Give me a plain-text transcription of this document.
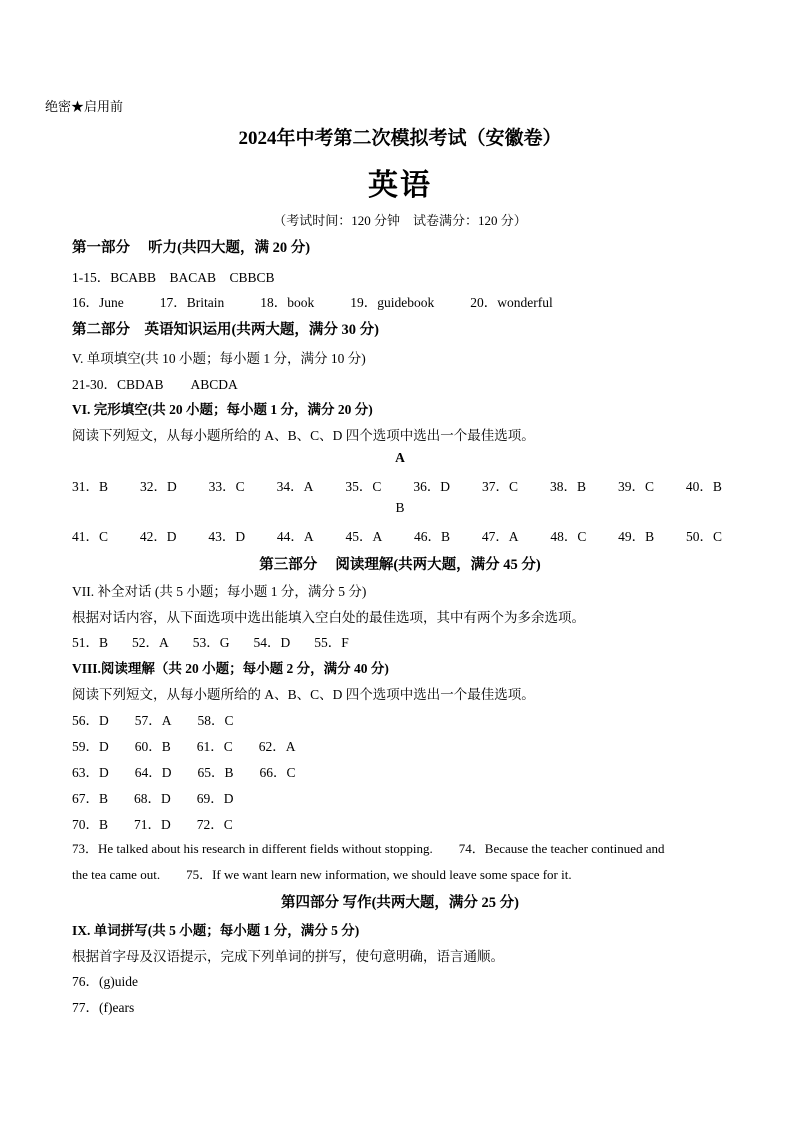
绝密★启用前
2024年中考第二次模拟考试（安徽卷）
英语
（考试时间：120 分钟　试卷满分：120 分）
第一部分　 听力(共四大题，满 20 分)
1-15．BCABB　BACAB　CBBCB
16．June	17．Britain	18．book	19．guidebook	20．wonderful
第二部分　英语知识运用(共两大题，满分 30 分)
V. 单项填空(共 10 小题；每小题 1 分，满分 10 分)
21-30．CBDAB　　ABCDA
VI. 完形填空(共 20 小题；每小题 1 分，满分 20 分)
阅读下列短文，从每小题所给的 A、B、C、D 四个选项中选出一个最佳选项。
A
31．B 32．D 33．C 34．A 35．C 36．D 37．C 38．B 39．C 40．B
B
41．C 42．D 43．D 44．A 45．A 46．B 47．A 48．C 49．B 50．C
第三部分　 阅读理解(共两大题，满分 45 分)
VII. 补全对话 (共 5 小题；每小题 1 分，满分 5 分)
根据对话内容，从下面选项中选出能填入空白处的最佳选项，其中有两个为多余选项。
51．B 52．A 53．G 54．D 55．F
VIII.阅读理解（共 20 小题；每小题 2 分，满分 40 分)
阅读下列短文，从每小题所给的 A、B、C、D 四个选项中选出一个最佳选项。
56．D 57．A 58．C
59．D 60．B 61．C 62．A
63．D 64．D 65．B 66．C
67．B 68．D 69．D
70．B 71．D 72．C
73．He talked about his research in different fields without stopping.　　74．Because the teacher continued and
the tea came out.　　75．If we want learn new information, we should leave some space for it.
第四部分 写作(共两大题，满分 25 分)
IX. 单词拼写(共 5 小题；每小题 1 分，满分 5 分)
根据首字母及汉语提示，完成下列单词的拼写，使句意明确，语言通顺。
76．(g)uide
77．(f)ears
